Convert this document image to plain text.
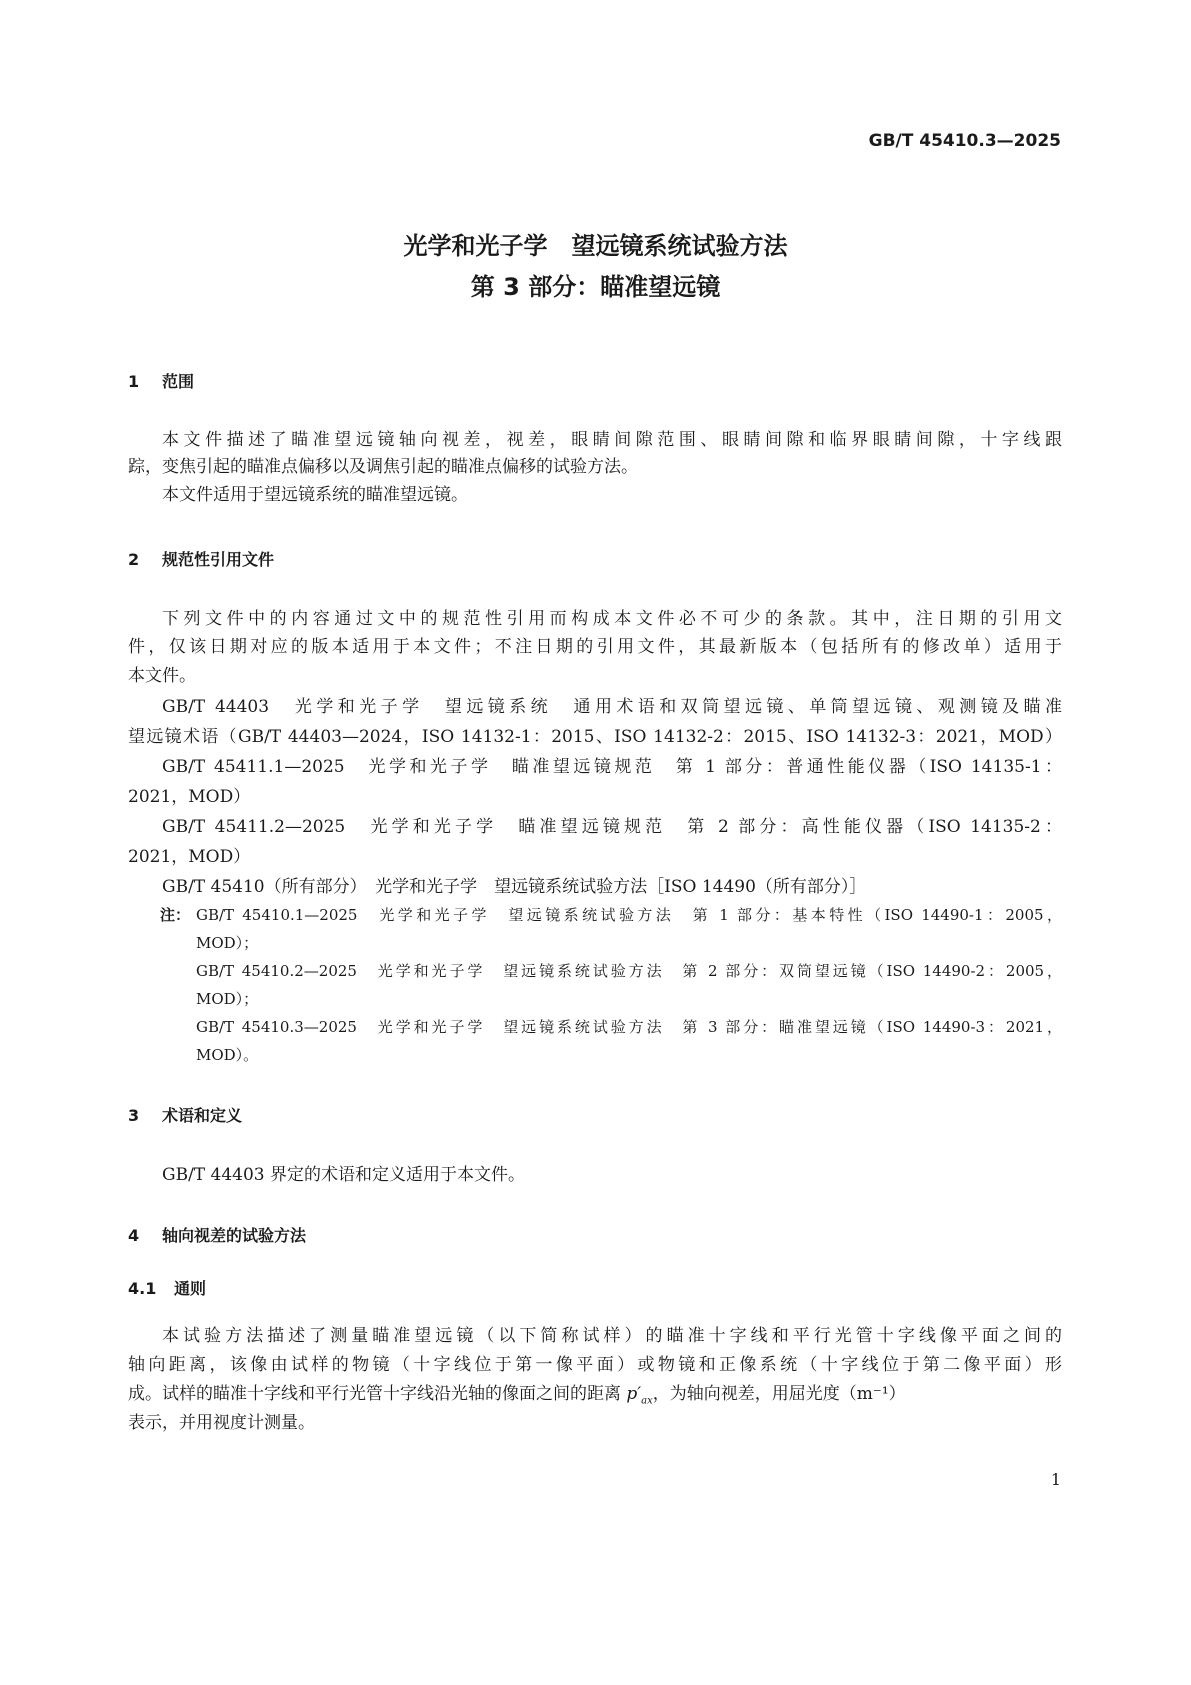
GB/T 45410.3—2025
光学和光子学　望远镜系统试验方法
第 3 部分：瞄准望远镜
1 范围
本文件描述了瞄准望远镜轴向视差，视差，眼睛间隙范围、眼睛间隙和临界眼睛间隙，十字线跟
踪，变焦引起的瞄准点偏移以及调焦引起的瞄准点偏移的试验方法。
本文件适用于望远镜系统的瞄准望远镜。
2 规范性引用文件
下列文件中的内容通过文中的规范性引用而构成本文件必不可少的条款。其中，注日期的引用文
件，仅该日期对应的版本适用于本文件；不注日期的引用文件，其最新版本（包括所有的修改单）适用于
本文件。
GB/T 44403　光学和光子学　望远镜系统　通用术语和双筒望远镜、单筒望远镜、观测镜及瞄准
望远镜术语（GB/T 44403—2024，ISO 14132-1：2015、ISO 14132-2：2015、ISO 14132-3：2021，MOD）
GB/T 45411.1—2025　光学和光子学　瞄准望远镜规范　第 1 部分：普通性能仪器（ISO 14135-1：
2021，MOD）
GB/T 45411.2—2025　光学和光子学　瞄准望远镜规范　第 2 部分：高性能仪器（ISO 14135-2：
2021，MOD）
GB/T 45410（所有部分）　光学和光子学　望远镜系统试验方法［ISO 14490（所有部分）］
注： GB/T 45410.1—2025　光学和光子学　望远镜系统试验方法　第 1 部分：基本特性（ISO 14490-1：2005，
MOD）；
GB/T 45410.2—2025　光学和光子学　望远镜系统试验方法　第 2 部分：双筒望远镜（ISO 14490-2：2005，
MOD）；
GB/T 45410.3—2025　光学和光子学　望远镜系统试验方法　第 3 部分：瞄准望远镜（ISO 14490-3：2021，
MOD）。
3 术语和定义
GB/T 44403 界定的术语和定义适用于本文件。
4 轴向视差的试验方法
4.1 通则
本试验方法描述了测量瞄准望远镜（以下简称试样）的瞄准十字线和平行光管十字线像平面之间的
轴向距离，该像由试样的物镜（十字线位于第一像平面）或物镜和正像系统（十字线位于第二像平面）形
成。试样的瞄准十字线和平行光管十字线沿光轴的像面之间的距离 $p'_{ax}$，为轴向视差，用屈光度（m⁻¹）
表示，并用视度计测量。
1
